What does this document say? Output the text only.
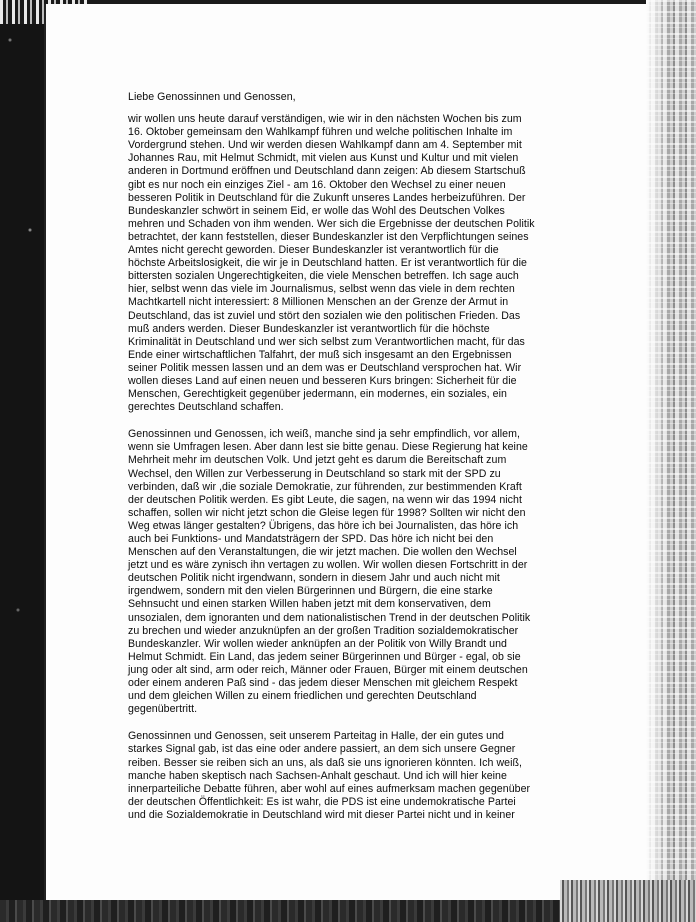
Liebe Genossinnen und Genossen,
wir wollen uns heute darauf verständigen, wie wir in den nächsten Wochen bis zum
16. Oktober gemeinsam den Wahlkampf führen und welche politischen Inhalte im
Vordergrund stehen. Und wir werden diesen Wahlkampf dann am 4. September mit
Johannes Rau, mit Helmut Schmidt, mit vielen aus Kunst und Kultur und mit vielen
anderen in Dortmund eröffnen und Deutschland dann zeigen: Ab diesem Startschuß
gibt es nur noch ein einziges Ziel - am 16. Oktober den Wechsel zu einer neuen
besseren Politik in Deutschland für die Zukunft unseres Landes herbeizuführen. Der
Bundeskanzler schwört in seinem Eid, er wolle das Wohl des Deutschen Volkes
mehren und Schaden von ihm wenden. Wer sich die Ergebnisse der deutschen Politik
betrachtet, der kann feststellen, dieser Bundeskanzler ist den Verpflichtungen seines
Amtes nicht gerecht geworden. Dieser Bundeskanzler ist verantwortlich für die
höchste Arbeitslosigkeit, die wir je in Deutschland hatten. Er ist verantwortlich für die
bittersten sozialen Ungerechtigkeiten, die viele Menschen betreffen. Ich sage auch
hier, selbst wenn das viele im Journalismus, selbst wenn das viele in dem rechten
Machtkartell nicht interessiert: 8 Millionen Menschen an der Grenze der Armut in
Deutschland, das ist zuviel und stört den sozialen wie den politischen Frieden. Das
muß anders werden. Dieser Bundeskanzler ist verantwortlich für die höchste
Kriminalität in Deutschland und wer sich selbst zum Verantwortlichen macht, für das
Ende einer wirtschaftlichen Talfahrt, der muß sich insgesamt an den Ergebnissen
seiner Politik messen lassen und an dem was er Deutschland versprochen hat. Wir
wollen dieses Land auf einen neuen und besseren Kurs bringen: Sicherheit für die
Menschen, Gerechtigkeit gegenüber jedermann, ein modernes, ein soziales, ein
gerechtes Deutschland schaffen.
Genossinnen und Genossen, ich weiß, manche sind ja sehr empfindlich, vor allem,
wenn sie Umfragen lesen. Aber dann lest sie bitte genau. Diese Regierung hat keine
Mehrheit mehr im deutschen Volk. Und jetzt geht es darum die Bereitschaft zum
Wechsel, den Willen zur Verbesserung in Deutschland so stark mit der SPD zu
verbinden, daß wir ,die soziale Demokratie, zur führenden, zur bestimmenden Kraft
der deutschen Politik werden. Es gibt Leute, die sagen, na wenn wir das 1994 nicht
schaffen, sollen wir nicht jetzt schon die Gleise legen für 1998? Sollten wir nicht den
Weg etwas länger gestalten? Übrigens, das höre ich bei Journalisten, das höre ich
auch bei Funktions- und Mandatsträgern der SPD. Das höre ich nicht bei den
Menschen auf den Veranstaltungen, die wir jetzt machen. Die wollen den Wechsel
jetzt und es wäre zynisch ihn vertagen zu wollen. Wir wollen diesen Fortschritt in der
deutschen Politik nicht irgendwann, sondern in diesem Jahr und auch nicht mit
irgendwem, sondern mit den vielen Bürgerinnen und Bürgern, die eine starke
Sehnsucht und einen starken Willen haben jetzt mit dem konservativen, dem
unsozialen, dem ignoranten und dem nationalistischen Trend in der deutschen Politik
zu brechen und wieder anzuknüpfen an der großen Tradition sozialdemokratischer
Bundeskanzler. Wir wollen wieder anknüpfen an der Politik von Willy Brandt und
Helmut Schmidt. Ein Land, das jedem seiner Bürgerinnen und Bürger - egal, ob sie
jung oder alt sind, arm oder reich, Männer oder Frauen, Bürger mit einem deutschen
oder einem anderen Paß sind - das jedem dieser Menschen mit gleichem Respekt
und dem gleichen Willen zu einem friedlichen und gerechten Deutschland
gegenübertritt.
Genossinnen und Genossen, seit unserem Parteitag in Halle, der ein gutes und
starkes Signal gab, ist das eine oder andere passiert, an dem sich unsere Gegner
reiben. Besser sie reiben sich an uns, als daß sie uns ignorieren könnten. Ich weiß,
manche haben skeptisch nach Sachsen-Anhalt geschaut. Und ich will hier keine
innerparteiliche Debatte führen, aber wohl auf eines aufmerksam machen gegenüber
der deutschen Öffentlichkeit: Es ist wahr, die PDS ist eine undemokratische Partei
und die Sozialdemokratie in Deutschland wird mit dieser Partei nicht und in keiner
